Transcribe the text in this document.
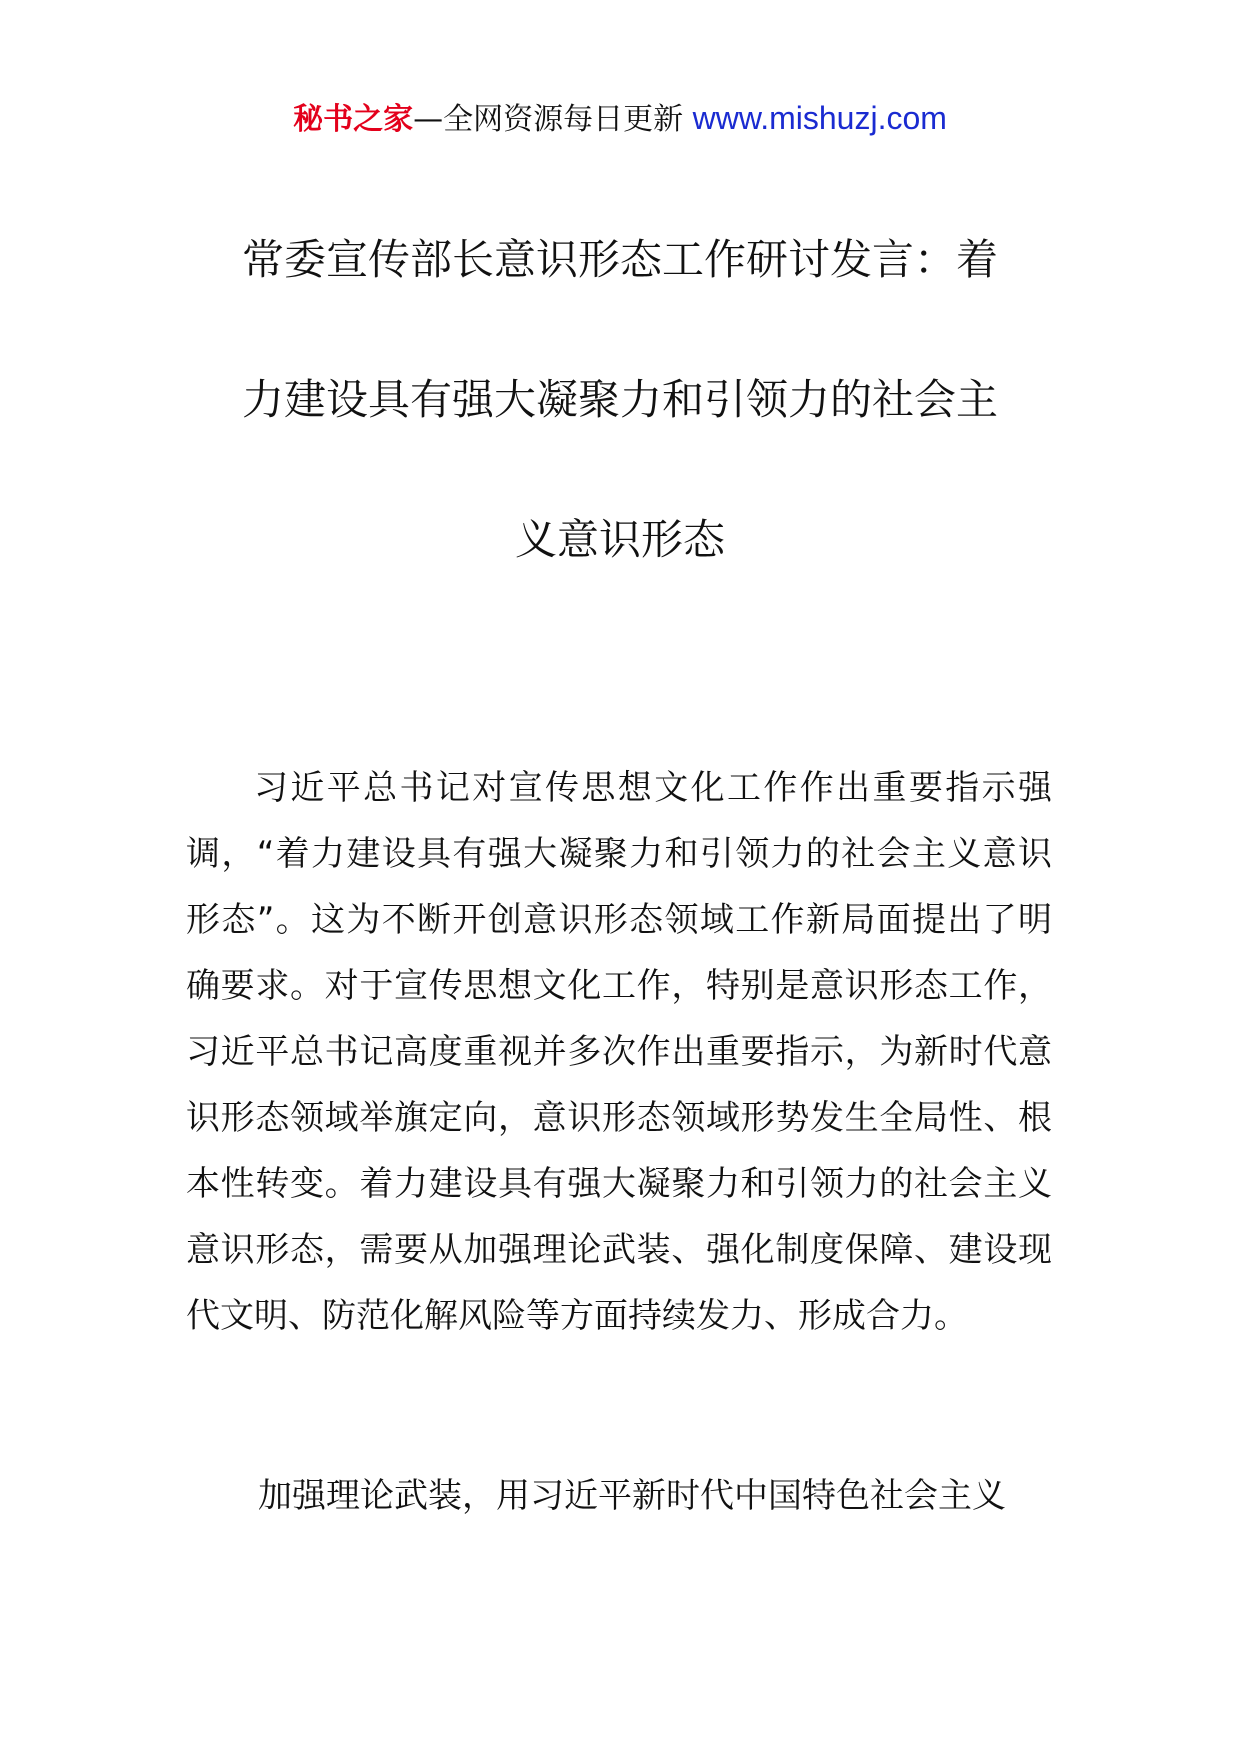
秘书之家—全网资源每日更新 www.mishuzj.com
常委宣传部长意识形态工作研讨发言：着
力建设具有强大凝聚力和引领力的社会主
义意识形态

习近平总书记对宣传思想文化工作作出重要指示强调，“着力建设具有强大凝聚力和引领力的社会主义意识形态”。这为不断开创意识形态领域工作新局面提出了明确要求。对于宣传思想文化工作，特别是意识形态工作，习近平总书记高度重视并多次作出重要指示，为新时代意识形态领域举旗定向，意识形态领域形势发生全局性、根本性转变。着力建设具有强大凝聚力和引领力的社会主义意识形态，需要从加强理论武装、强化制度保障、建设现代文明、防范化解风险等方面持续发力、形成合力。

加强理论武装，用习近平新时代中国特色社会主义
